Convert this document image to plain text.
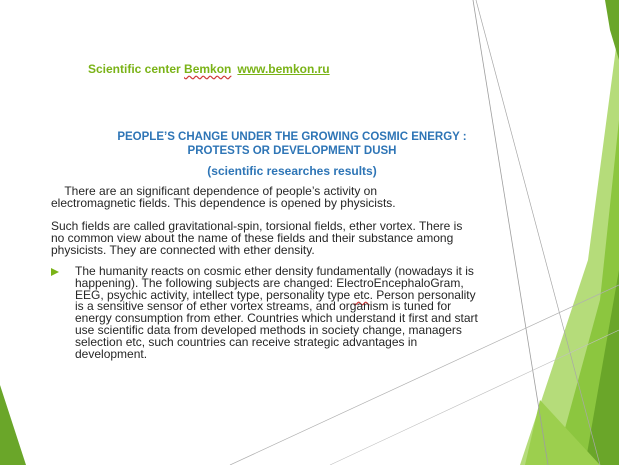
Scientific center Bemkon www.bemkon.ru
PEOPLE’S CHANGE UNDER THE GROWING COSMIC ENERGY :
PROTESTS OR DEVELOPMENT DUSH
(scientific researches results)
There are an significant dependence of people’s activity on electromagnetic fields. This dependence is opened by physicists.
Such fields are called gravitational-spin, torsional fields, ether vortex. There is no common view about the name of these fields and their substance among physicists. They are connected with ether density.
The humanity reacts on cosmic ether density fundamentally (nowadays it is happening). The following subjects are changed: ElectroEncephaloGram, EEG, psychic activity, intellect type, personality type etc. Person personality is a sensitive sensor of ether vortex streams, and organism is tuned for energy consumption from ether. Countries which understand it first and start use scientific data from developed methods in society change, managers selection etc, such countries can receive strategic advantages in development.
